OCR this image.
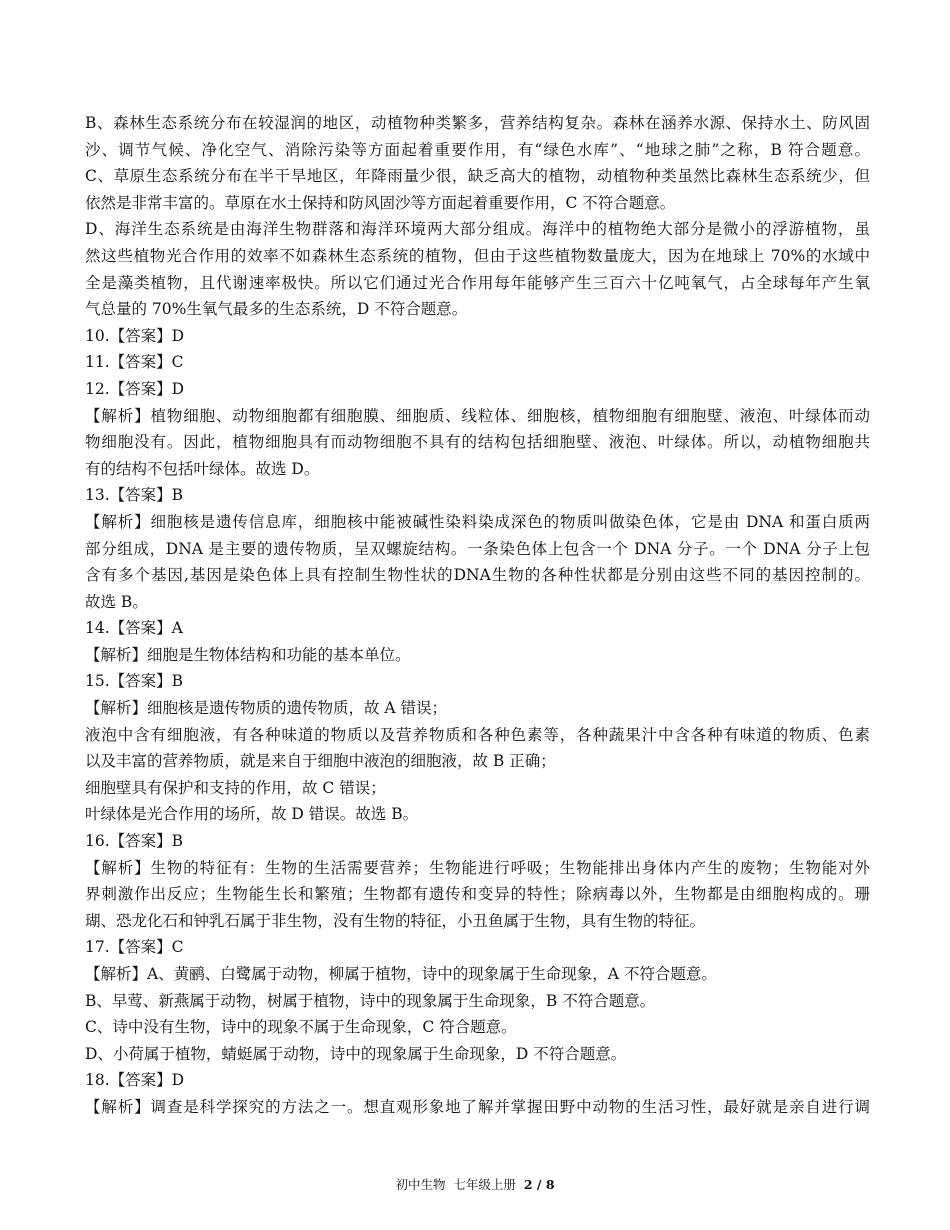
B、森林生态系统分布在较湿润的地区，动植物种类繁多，营养结构复杂。森林在涵养水源、保持水土、防风固
沙、调节气候、净化空气、消除污染等方面起着重要作用，有“绿色水库”、“地球之肺”之称，B 符合题意。
C、草原生态系统分布在半干旱地区，年降雨量少很，缺乏高大的植物，动植物种类虽然比森林生态系统少，但
依然是非常丰富的。草原在水土保持和防风固沙等方面起着重要作用，C 不符合题意。
D、海洋生态系统是由海洋生物群落和海洋环境两大部分组成。海洋中的植物绝大部分是微小的浮游植物，虽
然这些植物光合作用的效率不如森林生态系统的植物，但由于这些植物数量庞大，因为在地球上 70%的水域中
全是藻类植物，且代谢速率极快。所以它们通过光合作用每年能够产生三百六十亿吨氧气，占全球每年产生氧
气总量的 70%生氧气最多的生态系统，D 不符合题意。
10.【答案】D
11.【答案】C
12.【答案】D
【解析】植物细胞、动物细胞都有细胞膜、细胞质、线粒体、细胞核，植物细胞有细胞壁、液泡、叶绿体而动
物细胞没有。因此，植物细胞具有而动物细胞不具有的结构包括细胞壁、液泡、叶绿体。所以，动植物细胞共
有的结构不包括叶绿体。故选 D。
13.【答案】B
【解析】细胞核是遗传信息库，细胞核中能被碱性染料染成深色的物质叫做染色体，它是由 DNA 和蛋白质两
部分组成，DNA 是主要的遗传物质，呈双螺旋结构。一条染色体上包含一个 DNA 分子。一个 DNA 分子上包
含有多个基因,基因是染色体上具有控制生物性状的DNA生物的各种性状都是分别由这些不同的基因控制的。
故选 B。
14.【答案】A
【解析】细胞是生物体结构和功能的基本单位。
15.【答案】B
【解析】细胞核是遗传物质的遗传物质，故 A 错误；
液泡中含有细胞液，有各种味道的物质以及营养物质和各种色素等，各种蔬果汁中含各种有味道的物质、色素
以及丰富的营养物质，就是来自于细胞中液泡的细胞液，故 B 正确；
细胞壁具有保护和支持的作用，故 C 错误；
叶绿体是光合作用的场所，故 D 错误。故选 B。
16.【答案】B
【解析】生物的特征有：生物的生活需要营养；生物能进行呼吸；生物能排出身体内产生的废物；生物能对外
界刺激作出反应；生物能生长和繁殖；生物都有遗传和变异的特性；除病毒以外，生物都是由细胞构成的。珊
瑚、恐龙化石和钟乳石属于非生物，没有生物的特征，小丑鱼属于生物，具有生物的特征。
17.【答案】C
【解析】A、黄鹂、白鹭属于动物，柳属于植物，诗中的现象属于生命现象，A 不符合题意。
B、早莺、新燕属于动物，树属于植物，诗中的现象属于生命现象，B 不符合题意。
C、诗中没有生物，诗中的现象不属于生命现象，C 符合题意。
D、小荷属于植物，蜻蜓属于动物，诗中的现象属于生命现象，D 不符合题意。
18.【答案】D
【解析】调查是科学探究的方法之一。想直观形象地了解并掌握田野中动物的生活习性，最好就是亲自进行调
初中生物  七年级上册  2 / 8
